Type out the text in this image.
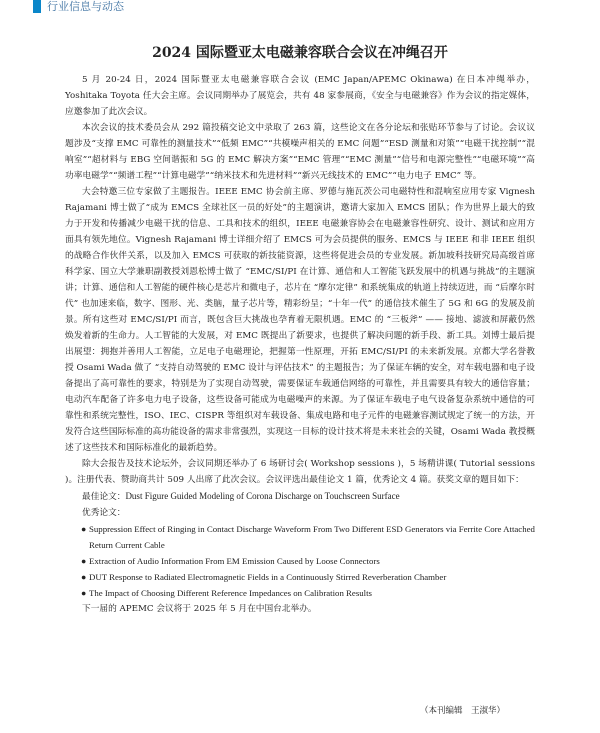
行业信息与动态
2024 国际暨亚太电磁兼容联合会议在冲绳召开

5 月 20-24 日，2024 国际暨亚太电磁兼容联合会议 (EMC Japan/APEMC Okinawa) 在日本冲绳举办，Yoshitaka Toyota 任大会主席。会议同期举办了展览会，共有 48 家参展商，《安全与电磁兼容》作为会议的指定媒体，应邀参加了此次会议。

本次会议的技术委员会从 292 篇投稿交论文中录取了 263 篇，这些论文在各分论坛和张贴环节参与了讨论。会议议题涉及“支撑 EMC 可靠性的测量技术”“低频 EMC”“共模噪声相关的 EMC 问题”“ESD 测量和对策”“电磁干扰控制”“混响室”“超材料与 EBG 空间谐振和 5G 的 EMC 解决方案”“EMC 管理”“EMC 测量”“信号和电源完整性”“电磁环境”“高功率电磁学”“频谱工程”“计算电磁学”“纳米技术和先进材料”“新兴无线技术的 EMC”“电力电子 EMC” 等。

大会特邀三位专家做了主题报告。IEEE EMC 协会前主席、罗德与施瓦茨公司电磁特性和混响室应用专家 Vignesh Rajamani 博士做了“成为 EMCS 全球社区一员的好处”的主题演讲，邀请大家加入 EMCS 团队；作为世界上最大的致力于开发和传播减少电磁干扰的信息、工具和技术的组织，IEEE 电磁兼容协会在电磁兼容性研究、设计、测试和应用方面具有领先地位。Vignesh Rajamani 博士详细介绍了 EMCS 可为会员提供的服务、EMCS 与 IEEE 和非 IEEE 组织的战略合作伙伴关系，以及加入 EMCS 可获取的新技能资源，这些将促进会员的专业发展。新加坡科技研究局高级首席科学家、国立大学兼职副教授刘恩松博士做了 “EMC/SI/PI 在计算、通信和人工智能飞跃发展中的机遇与挑战”的主题演讲；计算、通信和人工智能的硬件核心是芯片和微电子，芯片在 “摩尔定律” 和系统集成的轨道上持续迈进，而 “后摩尔时代” 也加速来临，数字、图形、光、类脑，量子芯片等，精彩纷呈；“十年一代” 的通信技术催生了 5G 和 6G 的发展及前景。所有这些对 EMC/SI/PI 而言，既包含巨大挑战也孕育着无限机遇。EMC 的 “三板斧” —— 接地、滤波和屏蔽仍然焕发着新的生命力。人工智能的大发展，对 EMC 既提出了新要求，也提供了解决问题的新手段、新工具。刘博士最后提出展望：拥抱并善用人工智能，立足电子电磁理论，把握第一性原理，开拓 EMC/SI/PI 的未来新发展。京都大学名誉教授 Osami Wada 做了 “支持自动驾驶的 EMC 设计与评估技术” 的主题报告；为了保证车辆的安全，对车载电器和电子设备提出了高可靠性的要求，特别是为了实现自动驾驶，需要保证车载通信网络的可靠性，并且需要具有较大的通信容量；电动汽车配备了许多电力电子设备，这些设备可能成为电磁噪声的来源。为了保证车载电子电气设备复杂系统中通信的可靠性和系统完整性，ISO、IEC、CISPR 等组织对车载设备、集成电路和电子元件的电磁兼容测试规定了统一的方法，开发符合这些国际标准的高功能设备的需求非常强烈，实现这一目标的设计技术将是未来社会的关键，Osami Wada 教授概述了这些技术和国际标准化的最新趋势。

除大会报告及技术论坛外，会议同期还举办了 6 场研讨会( Workshop sessions )，5 场精讲课( Tutorial sessions )。注册代表、赞助商共计 509 人出席了此次会议。会议评选出最佳论文 1 篇，优秀论文 4 篇。获奖文章的题目如下：

最佳论文：Dust Figure Guided Modeling of Corona Discharge on Touchscreen Surface

优秀论文：

● Suppression Effect of Ringing in Contact Discharge Waveform From Two Different ESD Generators via Ferrite Core Attached Return Current Cable
● Extraction of Audio Information From EM Emission Caused by Loose Connectors
● DUT Response to Radiated Electromagnetic Fields in a Continuously Stirred Reverberation Chamber
● The Impact of Choosing Different Reference Impedances on Calibration Results

下一届的 APEMC 会议将于 2025 年 5 月在中国台北举办。

（本刊编辑　王淑华）
